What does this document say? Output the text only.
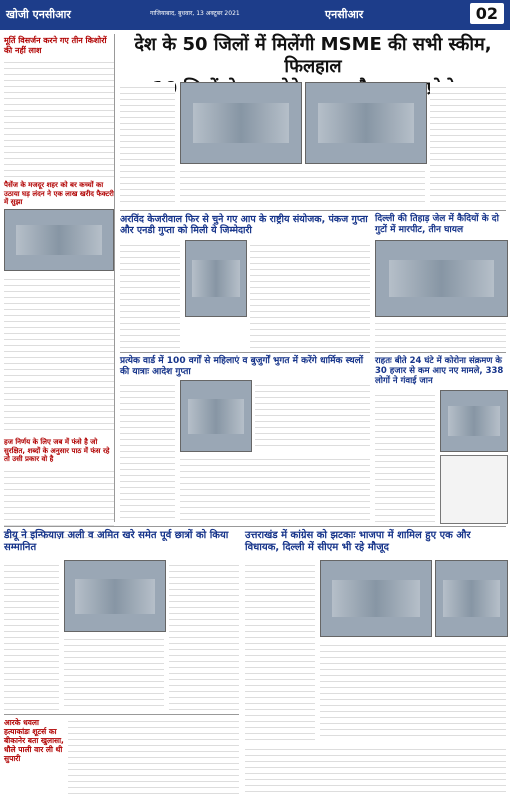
खोजी एनसीआर	गाजियाबाद, बुधवार, 13 अक्टूबर 2021	एनसीआर	02
मूर्ति विसर्जन करने गए तीन किशोरों की नहीं लाश
पैसेंज के मजदूर शहर को बर कच्चों का उठाया घड़ लंदन ने एक लाख खरीद फैक्टरी में सुझा
हज निर्णय के लिए जब में फंसे है जो सुरक्षित, शब्दों के अनुसार पाठ में फंस रहे तो उसी प्रकार वो है

देश के 50 जिलों में मिलेंगी MSME की सभी स्कीम, फिलहाल

अरविंद केजरीवाल फिर से चुने गए आप के राष्ट्रीय संयोजक, पंकज गुप्ता और एनडी गुप्ता को मिली ये जिम्मेदारी
दिल्ली की तिहाड़ जेल में कैदियों के दो गुटों में मारपीट, तीन घायल
प्रत्येक वार्ड में 100 वर्गों से महिलाएं व बुजुर्गों भुगत में करेंगे धार्मिक स्थलों की यात्राः आदेश गुप्ता
राहतः बीते 24 घंटे में कोरोना संक्रमण के 30 हजार से कम आए नए मामले, 338 लोगों ने गंवाई जान
डीयू ने इन्फियाज़ अली व अमित खरे समेत पूर्व छात्रों को किया सम्मानित
उत्तराखंड में कांग्रेस को झटकाः भाजपा में शामिल हुए एक और विधायक, दिल्ली में सीएम भी रहे मौजूद
आरके धवला हत्याकांडः शूटर्स का बीकानेर बता खुलासा, धौले पाली वार ली थी सुपारी
